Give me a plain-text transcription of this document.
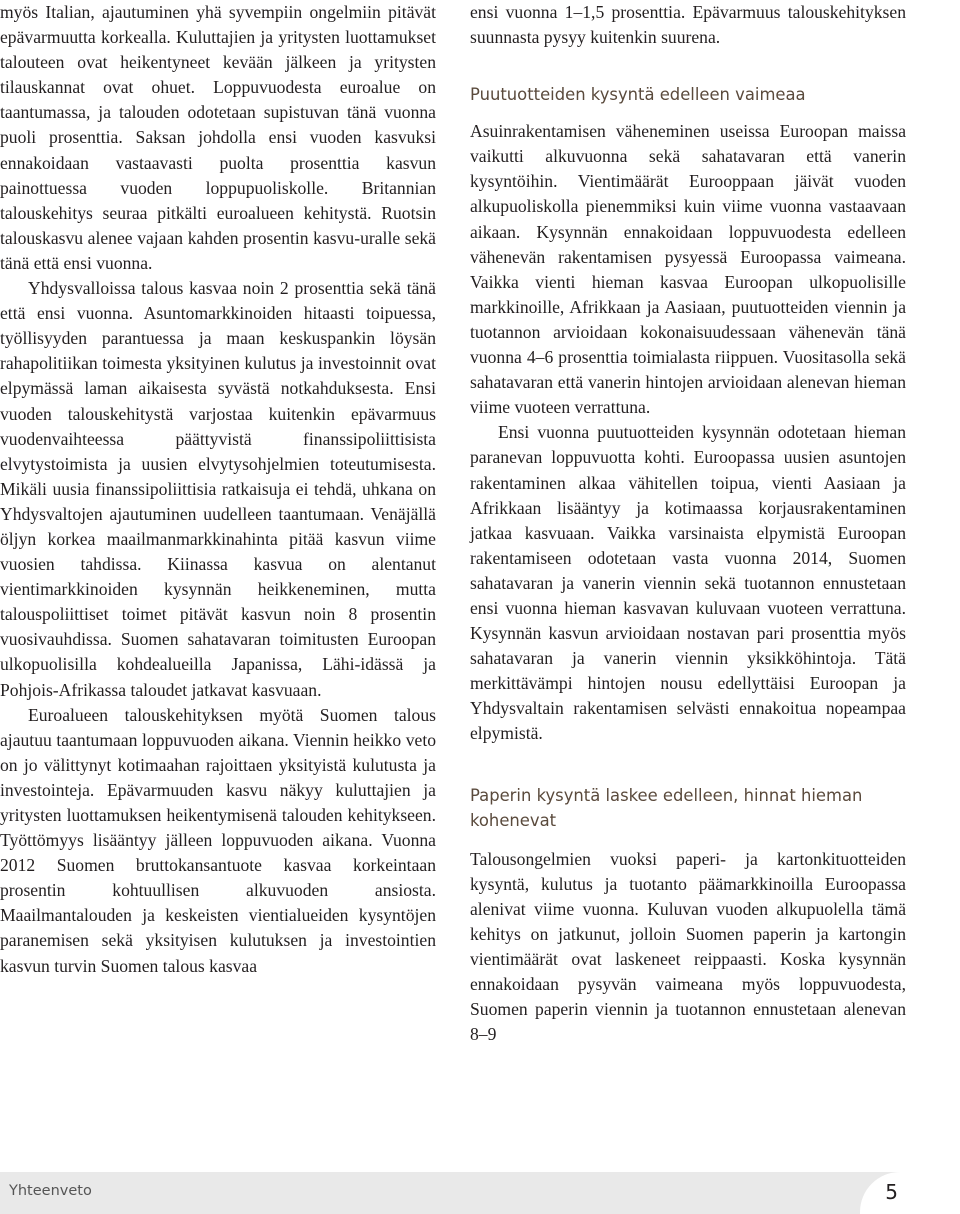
myös Italian, ajautuminen yhä syvempiin ongelmiin pitävät epävarmuutta korkealla. Kuluttajien ja yritysten luottamukset talouteen ovat heikentyneet kevään jälkeen ja yritysten tilauskannat ovat ohuet. Loppuvuodesta euroalue on taantumassa, ja talouden odotetaan supistuvan tänä vuonna puoli prosenttia. Saksan johdolla ensi vuoden kasvuksi ennakoidaan vastaavasti puolta prosenttia kasvun painottuessa vuoden loppupuoliskolle. Britannian talouskehitys seuraa pitkälti euroalueen kehitystä. Ruotsin talouskasvu alenee vajaan kahden prosentin kasvu-uralle sekä tänä että ensi vuonna.

Yhdysvalloissa talous kasvaa noin 2 prosenttia sekä tänä että ensi vuonna. Asuntomarkkinoiden hitaasti toipuessa, työllisyyden parantuessa ja maan keskuspankin löysän rahapolitiikan toimesta yksityinen kulutus ja investoinnit ovat elpymässä laman aikaisesta syvästä notkahduksesta. Ensi vuoden talouskehitystä varjostaa kuitenkin epävarmuus vuodenvaihteessa päättyvistä finanssipoliittisista elvytystoimista ja uusien elvytysohjelmien toteutumisesta. Mikäli uusia finanssipoliittisia ratkaisuja ei tehdä, uhkana on Yhdysvaltojen ajautuminen uudelleen taantumaan. Venäjällä öljyn korkea maailmanmarkkinahinta pitää kasvun viime vuosien tahdissa. Kiinassa kasvua on alentanut vientimarkkinoiden kysynnän heikkeneminen, mutta talouspoliittiset toimet pitävät kasvun noin 8 prosentin vuosivauhdissa. Suomen sahatavaran toimitusten Euroopan ulkopuolisilla kohdealueilla Japanissa, Lähi-idässä ja Pohjois-Afrikassa taloudet jatkavat kasvuaan.

Euroalueen talouskehityksen myötä Suomen talous ajautuu taantumaan loppuvuoden aikana. Viennin heikko veto on jo välittynyt kotimaahan rajoittaen yksityistä kulutusta ja investointeja. Epävarmuuden kasvu näkyy kuluttajien ja yritysten luottamuksen heikentymisenä talouden kehitykseen. Työttömyys lisääntyy jälleen loppuvuoden aikana. Vuonna 2012 Suomen bruttokansantuote kasvaa korkeintaan prosentin kohtuullisen alkuvuoden ansiosta. Maailmantalouden ja keskeisten vientialueiden kysyntöjen paranemisen sekä yksityisen kulutuksen ja investointien kasvun turvin Suomen talous kasvaa

ensi vuonna 1–1,5 prosenttia. Epävarmuus talouskehityksen suunnasta pysyy kuitenkin suurena.

Puutuotteiden kysyntä edelleen vaimeaa

Asuinrakentamisen väheneminen useissa Euroopan maissa vaikutti alkuvuonna sekä sahatavaran että vanerin kysyntöihin. Vientimäärät Eurooppaan jäivät vuoden alkupuoliskolla pienemmiksi kuin viime vuonna vastaavaan aikaan. Kysynnän ennakoidaan loppuvuodesta edelleen vähenevän rakentamisen pysyessä Euroopassa vaimeana. Vaikka vienti hieman kasvaa Euroopan ulkopuolisille markkinoille, Afrikkaan ja Aasiaan, puutuotteiden viennin ja tuotannon arvioidaan kokonaisuudessaan vähenevän tänä vuonna 4–6 prosenttia toimialasta riippuen. Vuositasolla sekä sahatavaran että vanerin hintojen arvioidaan alenevan hieman viime vuoteen verrattuna.

Ensi vuonna puutuotteiden kysynnän odotetaan hieman paranevan loppuvuotta kohti. Euroopassa uusien asuntojen rakentaminen alkaa vähitellen toipua, vienti Aasiaan ja Afrikkaan lisääntyy ja kotimaassa korjausrakentaminen jatkaa kasvuaan. Vaikka varsinaista elpymistä Euroopan rakentamiseen odotetaan vasta vuonna 2014, Suomen sahatavaran ja vanerin viennin sekä tuotannon ennustetaan ensi vuonna hieman kasvavan kuluvaan vuoteen verrattuna. Kysynnän kasvun arvioidaan nostavan pari prosenttia myös sahatavaran ja vanerin viennin yksikköhintoja. Tätä merkittävämpi hintojen nousu edellyttäisi Euroopan ja Yhdysvaltain rakentamisen selvästi ennakoitua nopeampaa elpymistä.

Paperin kysyntä laskee edelleen, hinnat hieman kohenevat

Talousongelmien vuoksi paperi- ja kartonkituotteiden kysyntä, kulutus ja tuotanto päämarkkinoilla Euroopassa alenivat viime vuonna. Kuluvan vuoden alkupuolella tämä kehitys on jatkunut, jolloin Suomen paperin ja kartongin vientimäärät ovat laskeneet reippaasti. Koska kysynnän ennakoidaan pysyvän vaimeana myös loppuvuodesta, Suomen paperin viennin ja tuotannon ennustetaan alenevan 8–9

Yhteenveto	5
